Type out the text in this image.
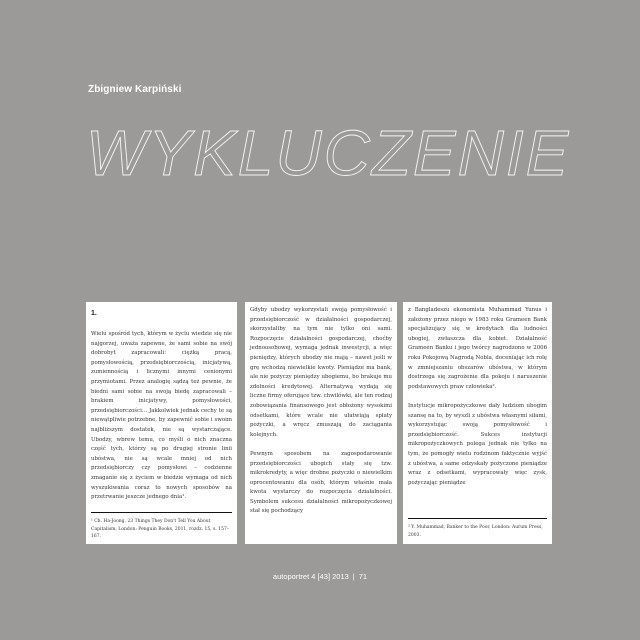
Zbigniew Karpiński
WYKLUCZENIE
1.

Wielu spośród tych, którym w życiu wiedzie się nie najgorzej, uważa zapewne, że sami sobie na swój dobrobyt zapracowali: ciężką pracą, pomysłowością, przedsiębiorczością, inicjatywą, zumiennością i licznymi innymi cenionymi przymiotami. Przez analogię sądzą też pewnie, że biedni sami sobie na swoją biedę zapracowali – brakiem inicjatywy, pomysłowości, przedsiębiorczości… Jakkolwiek jednak cechy te są niewątpliwie potrzebne, by zapewnić sobie i swoim najbliższym dostatek, nie są wystarczające. Ubodzy, wbrew temu, co myśli o nich znaczna część tych, którzy są po drugiej stronie linii ubóstwa, nie są wcale mniej od nich przedsiębiorczy czy pomysłowi – codzienne zmaganie się z życiem w biedzie wymaga od nich wyszukiwania coraz to nowych sposobów na przetrwanie jeszcze jednego dnia¹.

¹ Ch. Ha-Joong, 23 Things They Don't Tell You About Capitalism, London: Penguin Books, 2011, rozdz. 15, s. 157–167.

Gdyby ubodzy wykorzystali swoją pomysłowość i przedsiębiorczość w działalności gospodarczej, skorzystaliby na tym nie tylko oni sami. Rozpoczęcie działalności gospodarczej, choćby jednoosobowej, wymaga jednak inwestycji, a więc pieniędzy, których ubodzy nie mają – nawet jeśli w grę wchodzą niewielkie kwoty. Pieniądze ma bank, ale nie pożyczy pieniędzy ubogiemu, bo brakuje mu zdolności kredytowej. Alternatywą wydają się liczne firmy oferujące tzw. chwilówki, ale ten rodzaj zobowiązania finansowego jest obłożony wysokimi odsetkami, które wcale nie ułatwiają spłaty pożyczki, a wręcz zmuszają do zaciągania kolejnych.

Pewnym sposobem na zagospodarowanie przedsiębiorczości ubogich stały się tzw. mikrokredyty, a więc drobne pożyczki o niewielkim oprocentowaniu dla osób, którym właśnie mała kwota wystarczy do rozpoczęcia działalności. Symbolem sukcesu działalności mikropożyczkowej stał się pochodzący

z Bangladeszu ekonomista Muhammad Yunus i założony przez niego w 1983 roku Grameen Bank specjalizujący się w kredytach dla ludności ubogiej, zwłaszcza dla kobiet. Działalność Grameen Banku i jego twórcy nagrodzono w 2006 roku Pokojową Nagrodą Nobla, doceniając ich rolę w zmniejszaniu obszarów ubóstwa, w którym dostrzega się zagrożenie dla pokoju i naruszenie podstawowych praw człowieka².

Instytucje mikropożyczkowe dały ludziom ubogim szansę na to, by wyszli z ubóstwa własnymi siłami, wykorzystując swoją pomysłowość i przedsiębiorczość. Sukces instytucji mikropożyczkowych polega jednak nie tylko na tym, że pomogły wielu rodzinom faktycznie wyjść z ubóstwa, a same odzyskały pożyczone pieniądze wraz z odsetkami, wypracowały więc zysk, pożyczając pieniądze

² Y. Muhammad, Banker to the Poor, London: Aurum Press, 2003.
autoportret 4 [43] 2013 | 71
